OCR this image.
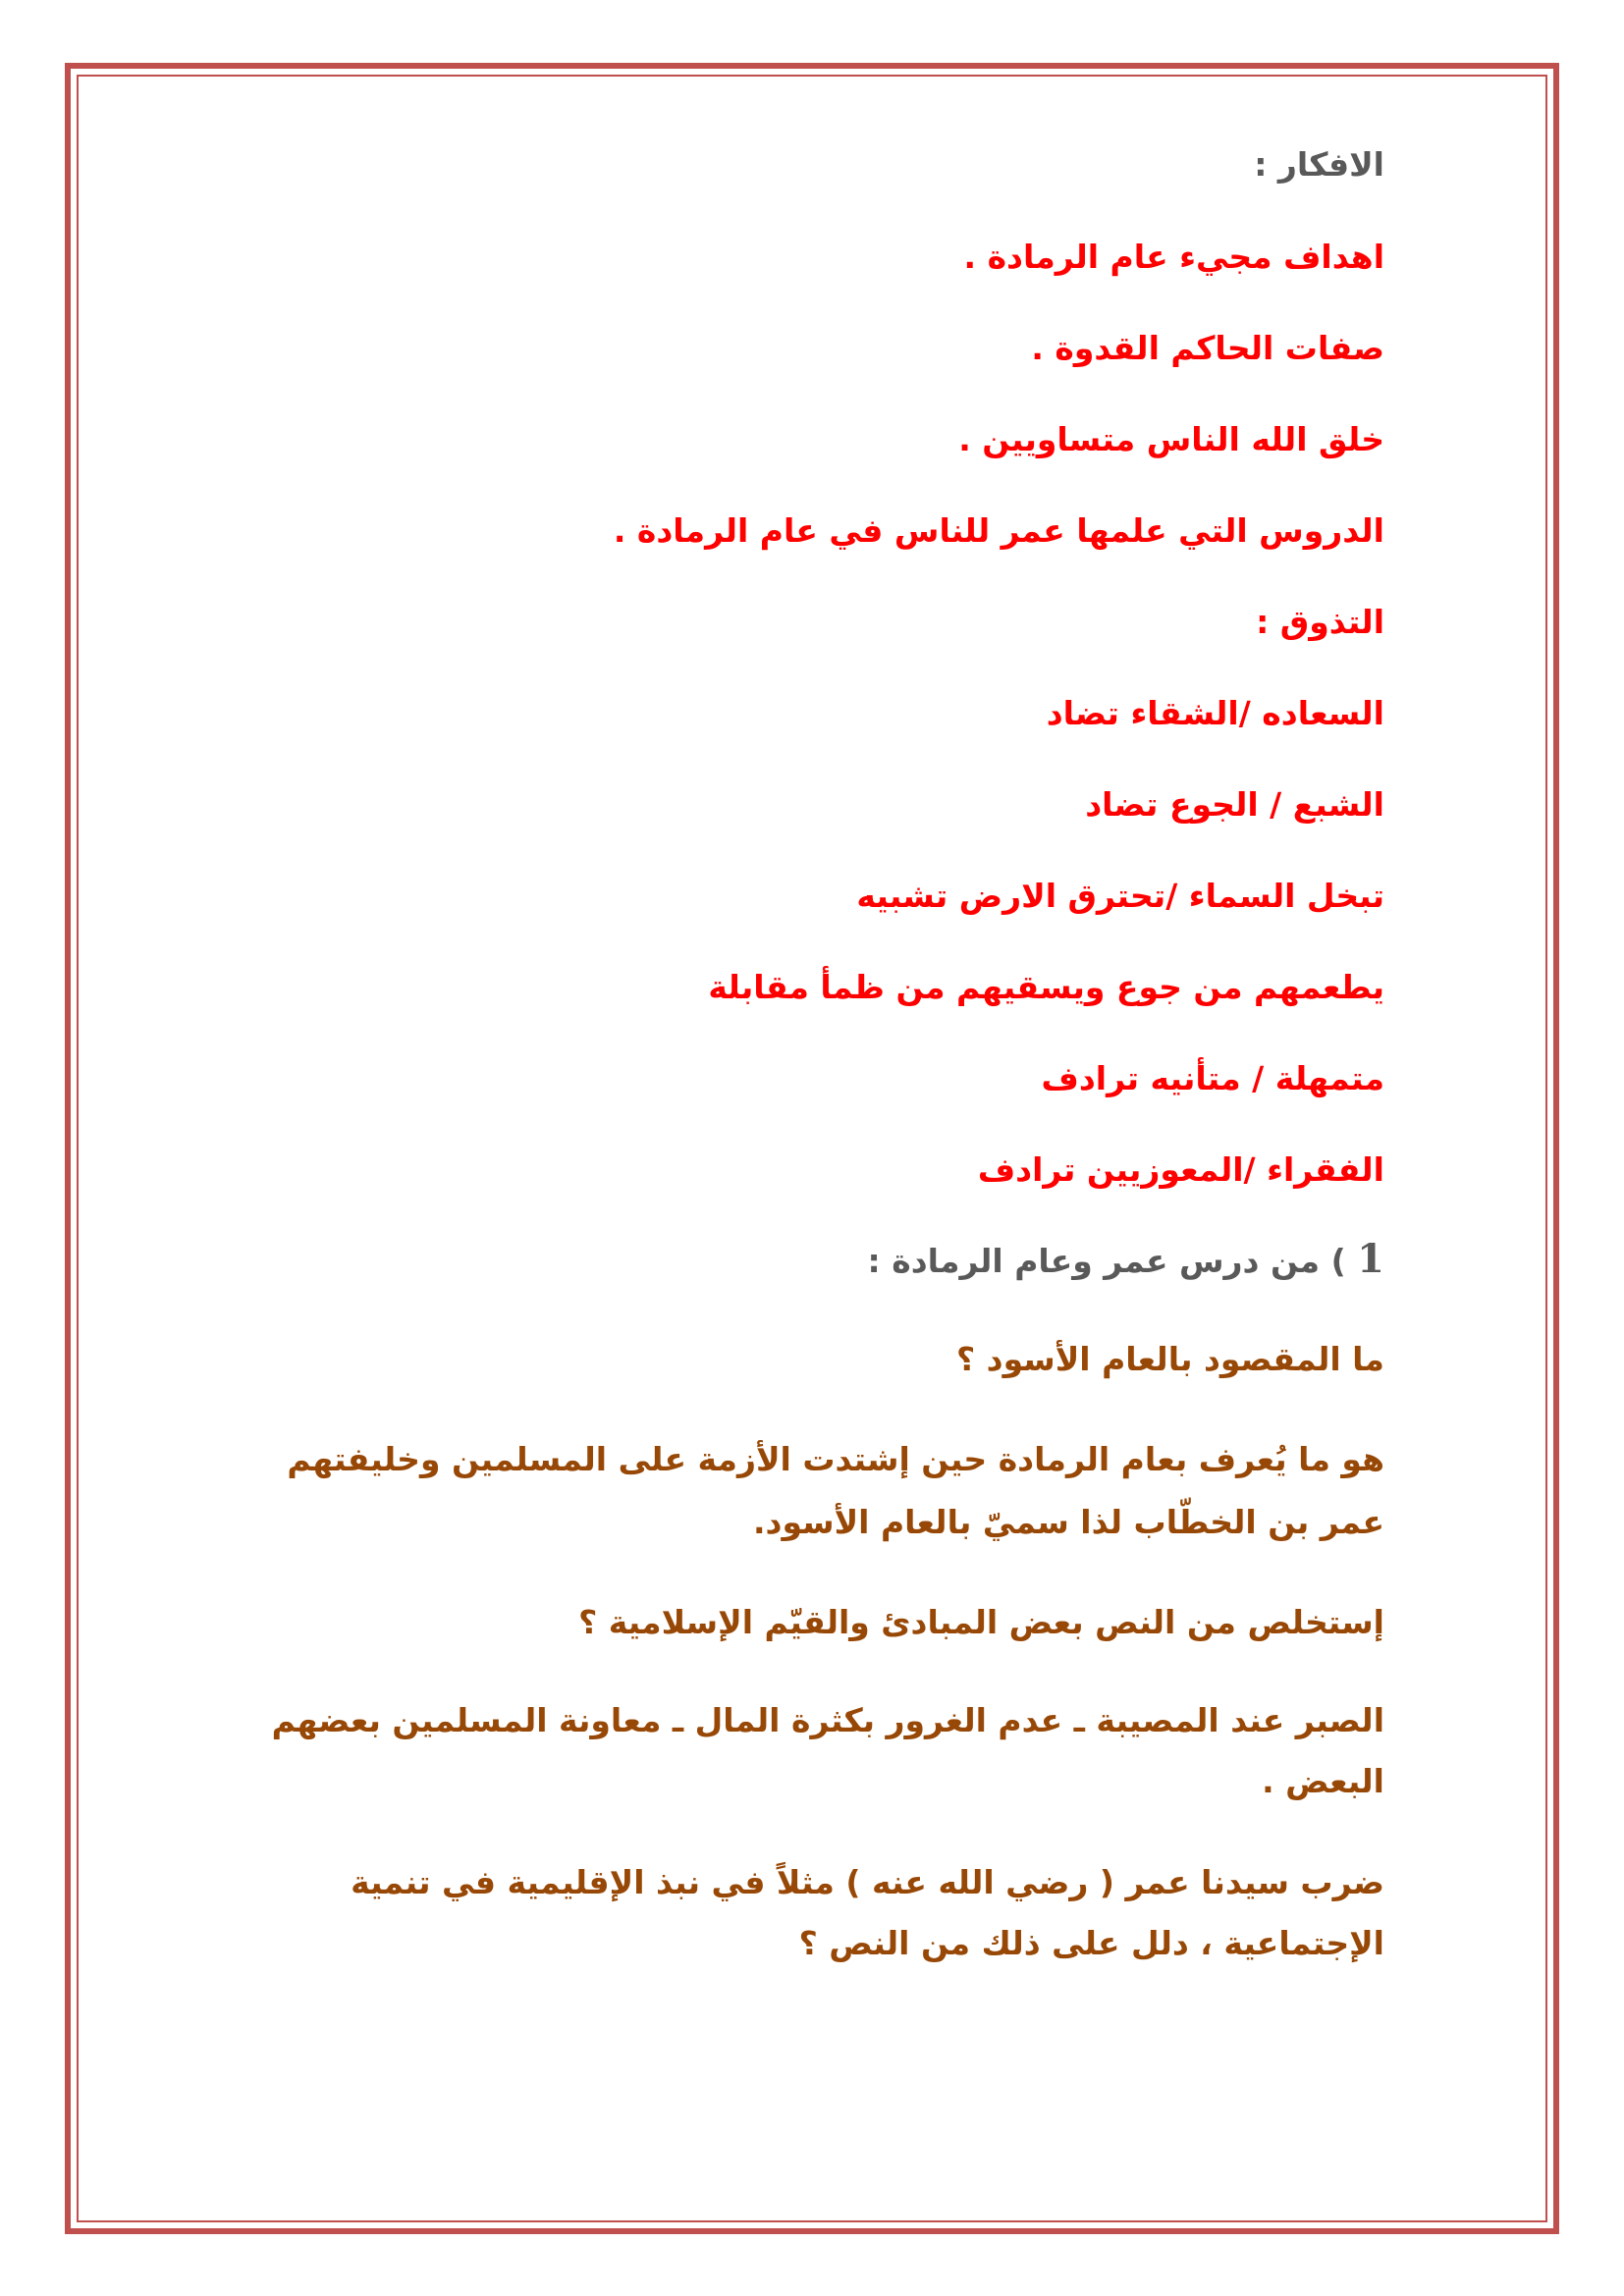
الافكار :
اهداف مجيء عام الرمادة .
صفات الحاكم القدوة .
خلق الله الناس متساويين .
الدروس التي علمها عمر للناس في عام الرمادة .
التذوق :
السعاده /الشقاء تضاد
الشبع / الجوع تضاد
تبخل السماء /تحترق الارض تشبيه
يطعمهم من جوع ويسقيهم من ظمأ مقابلة
متمهلة / متأنيه ترادف
الفقراء /المعوزيين ترادف
1 ) من درس عمر وعام الرمادة :
ما المقصود بالعام الأسود ؟
هو ما يُعرف بعام الرمادة حين إشتدت الأزمة على المسلمين وخليفتهم
عمر بن الخطّاب لذا سميّ بالعام الأسود.
إستخلص من النص بعض المبادئ والقيّم الإسلامية ؟
الصبر عند المصيبة ـ عدم الغرور بكثرة المال ـ معاونة المسلمين بعضهم
البعض .
ضرب سيدنا عمر ( رضي الله عنه ) مثلاً في نبذ الإقليمية في تنمية
الإجتماعية ، دلل على ذلك من النص ؟
